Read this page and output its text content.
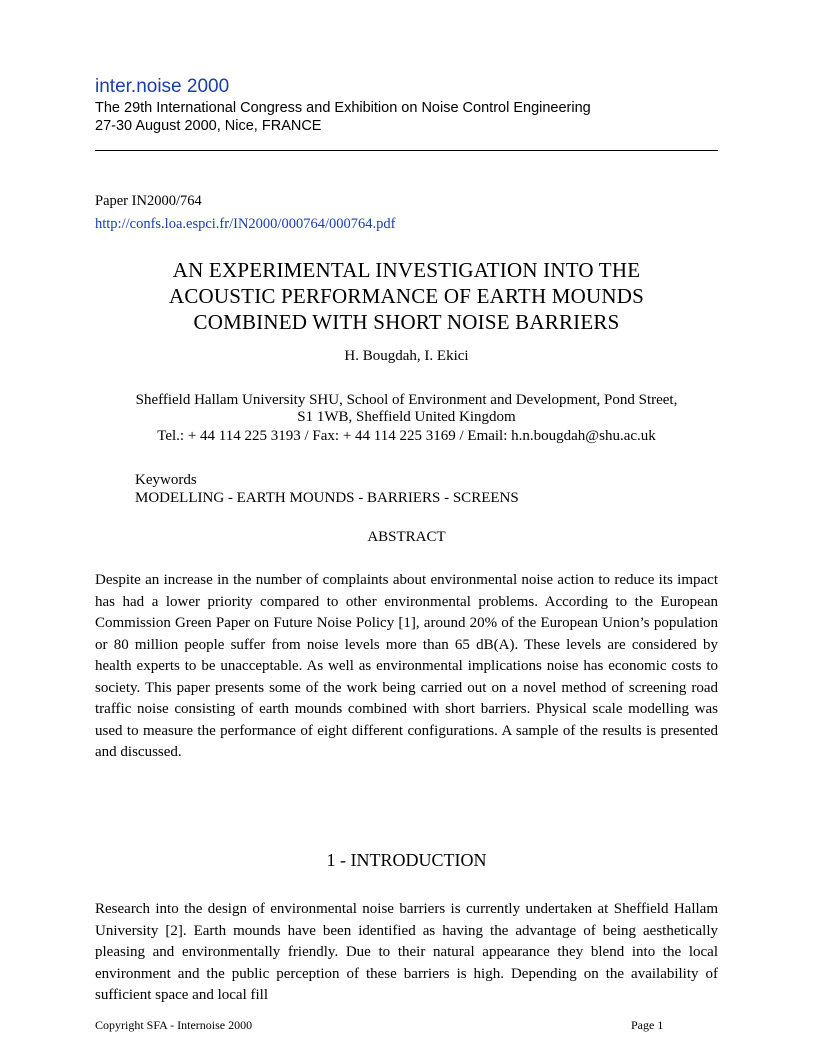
inter.noise 2000
The 29th International Congress and Exhibition on Noise Control Engineering
27-30 August 2000, Nice, FRANCE
Paper IN2000/764
http://confs.loa.espci.fr/IN2000/000764/000764.pdf
AN EXPERIMENTAL INVESTIGATION INTO THE
ACOUSTIC PERFORMANCE OF EARTH MOUNDS
COMBINED WITH SHORT NOISE BARRIERS
H. Bougdah, I. Ekici
Sheffield Hallam University SHU, School of Environment and Development, Pond Street,
S1 1WB, Sheffield United Kingdom
Tel.: + 44 114 225 3193 / Fax: + 44 114 225 3169 / Email: h.n.bougdah@shu.ac.uk
Keywords
MODELLING - EARTH MOUNDS - BARRIERS - SCREENS
ABSTRACT

Despite an increase in the number of complaints about environmental noise action to reduce its impact has had a lower priority compared to other environmental problems. According to the European Commission Green Paper on Future Noise Policy [1], around 20% of the European Union’s population or 80 million people suffer from noise levels more than 65 dB(A). These levels are considered by health experts to be unacceptable. As well as environmental implications noise has economic costs to society. This paper presents some of the work being carried out on a novel method of screening road traffic noise consisting of earth mounds combined with short barriers. Physical scale modelling was used to measure the performance of eight different configurations. A sample of the results is presented and discussed.

1 - INTRODUCTION

Research into the design of environmental noise barriers is currently undertaken at Sheffield Hallam University [2]. Earth mounds have been identified as having the advantage of being aesthetically pleasing and environmentally friendly. Due to their natural appearance they blend into the local environment and the public perception of these barriers is high. Depending on the availability of sufficient space and local fill

Copyright SFA - Internoise 2000	Page 1
